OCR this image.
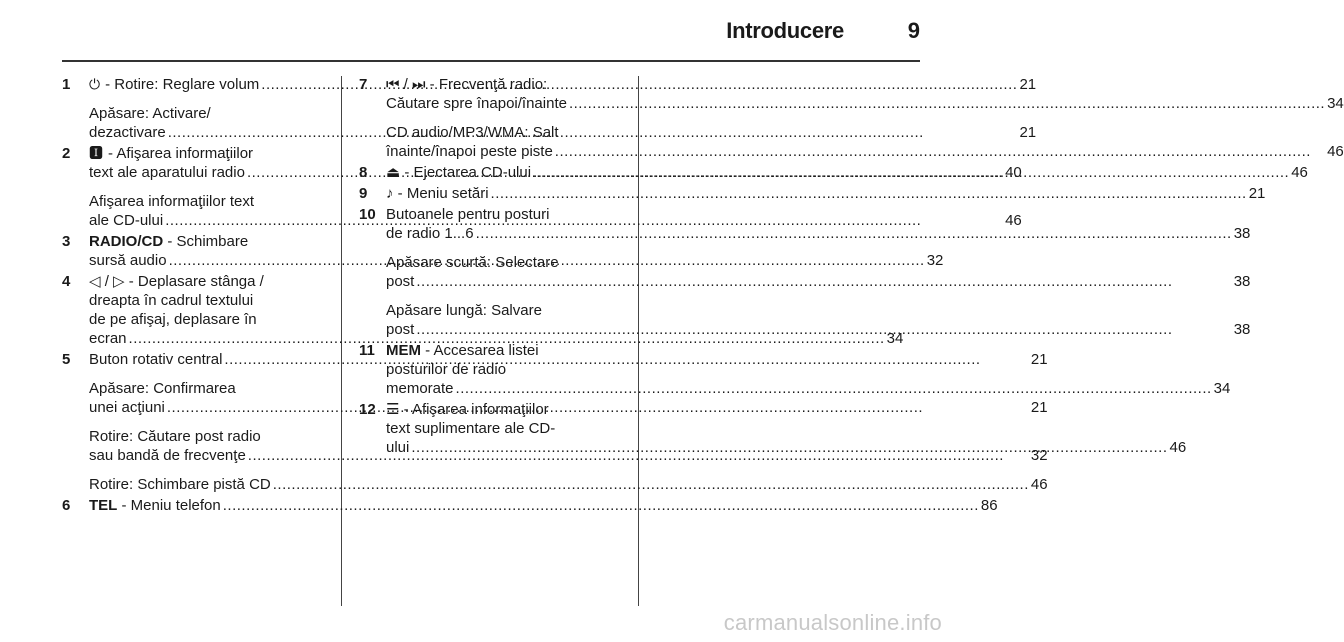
Introducere	9
1	⏻ - Rotire: Reglare volum .....	21
Apăsare: Activare/
dezactivare .....	21
2	🅸 - Afişarea informaţiilor
text ale aparatului radio .....	40
Afişarea informaţiilor text
ale CD-ului .....	46
3	RADIO/CD - Schimbare
sursă audio .....	32
4	◁ / ▷ - Deplasare stânga /
dreapta în cadrul textului
de pe afişaj, deplasare în
ecran .....	34
5	Buton rotativ central .....	21
Apăsare: Confirmarea
unei acţiuni .....	21
Rotire: Căutare post radio
sau bandă de frecvenţe .....	32
Rotire: Schimbare pistă CD .....	46
6	TEL - Meniu telefon .....	86
7	⏮ / ⏭ - Frecvenţă radio:
Căutare spre înapoi/înainte .....	34
CD audio/MP3/WMA: Salt
înainte/înapoi peste piste .....	46
8	⏏ - Ejectarea CD-ului .....	46
9	♪ - Meniu setări .....	21
10 Butoanele pentru posturi
de radio 1...6 .....	38
Apăsare scurtă: Selectare
post .....	38
Apăsare lungă: Salvare
post .....	38
11 MEM - Accesarea listei
posturilor de radio
memorate .....	34
12 ☰ - Afişarea informaţiilor
text suplimentare ale CD-
ului .....	46
carmanualsonline.info
